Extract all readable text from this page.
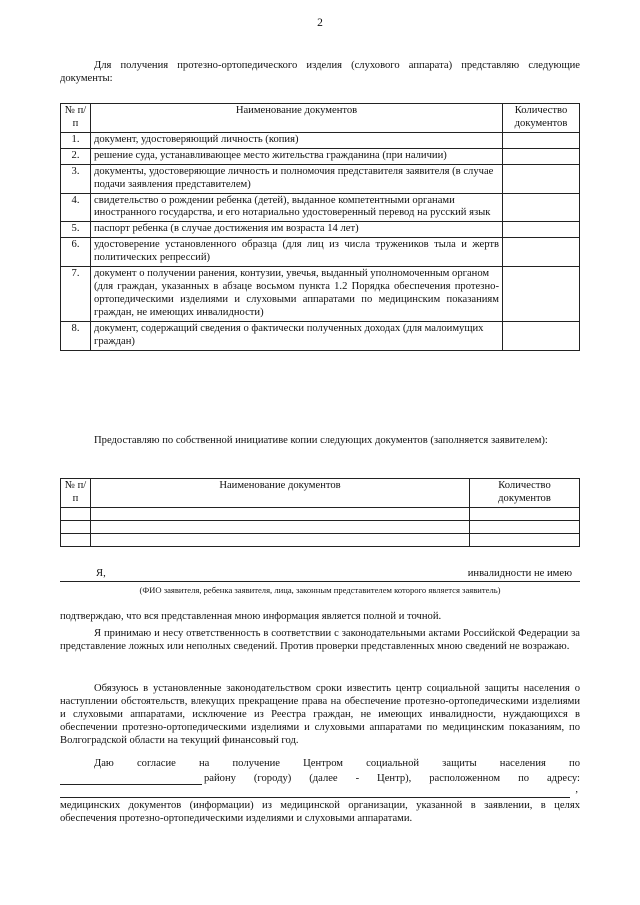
2
Для получения протезно-ортопедического изделия (слухового аппарата) представляю следующие документы:
№ п/п	Наименование документов	Количество документов
1.	документ, удостоверяющий личность (копия)	
2.	решение суда, устанавливающее место жительства гражданина (при наличии)	
3.	документы, удостоверяющие личность и полномочия представителя заявителя (в случае подачи заявления представителем)	
4.	свидетельство о рождении ребенка (детей), выданное компетентными органами иностранного государства, и его нотариально удостоверенный перевод на русский язык	
5.	паспорт ребенка (в случае достижения им возраста 14 лет)	
6.	удостоверение установленного образца (для лиц из числа тружеников тыла и жертв политических репрессий)	
7.	документ о получении ранения, контузии, увечья, выданный уполномоченным органом
(для граждан, указанных в абзаце восьмом пункта 1.2 Порядка обеспечения протезно-ортопедическими изделиями и слуховыми аппаратами по медицинским показаниям граждан, не имеющих инвалидности)	

8.	документ, содержащий сведения о фактически полученных доходах (для малоимущих граждан)	
Предоставляю по собственной инициативе копии следующих документов (заполняется заявителем):
№ п/п	Наименование документов	Количество документов

Я,	инвалидности не имею
(ФИО заявителя, ребенка заявителя, лица, законным представителем которого является заявитель)
подтверждаю, что вся представленная мною информация является полной и точной.
Я принимаю и несу ответственность в соответствии с законодательными актами Российской Федерации за представление ложных или неполных сведений. Против проверки представленных мною сведений не возражаю.
Обязуюсь в установленные законодательством сроки известить центр социальной защиты населения о наступлении обстоятельств, влекущих прекращение права на обеспечение протезно-ортопедическими изделиями и слуховыми аппаратами, исключение из Реестра граждан, не имеющих инвалидности, нуждающихся в обеспечении протезно-ортопедическими изделиями и слуховыми аппаратами по медицинским показаниям, по Волгоградской области на текущий финансовый год.
Даю согласие на получение Центром социальной защиты населения по
району (городу) (далее - Центр), расположенном по адресу:
,
медицинских документов (информации) из медицинской организации, указанной в заявлении, в целях обеспечения протезно-ортопедическими изделиями и слуховыми аппаратами.
